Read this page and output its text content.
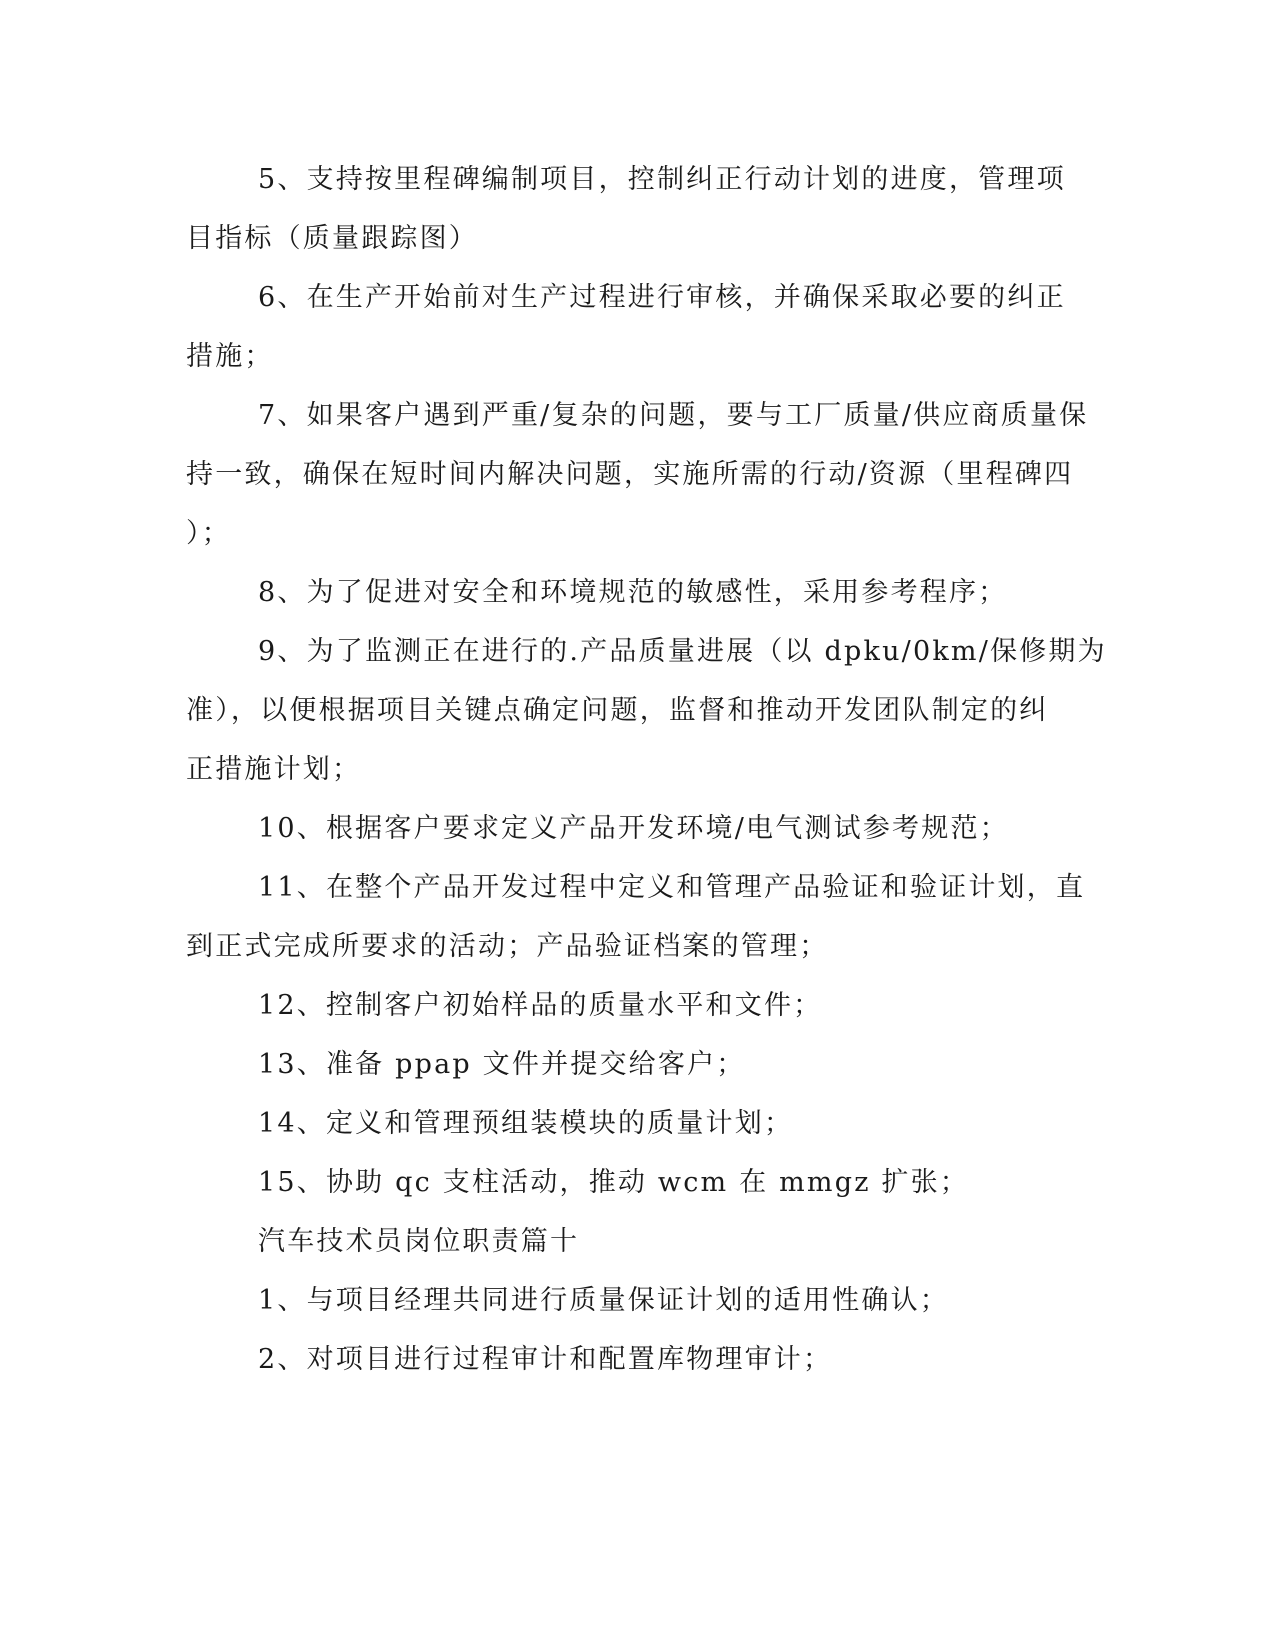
5、支持按里程碑编制项目，控制纠正行动计划的进度，管理项
目指标（质量跟踪图）
6、在生产开始前对生产过程进行审核，并确保采取必要的纠正
措施；
7、如果客户遇到严重/复杂的问题，要与工厂质量/供应商质量保
持一致，确保在短时间内解决问题，实施所需的行动/资源（里程碑四
）；
8、为了促进对安全和环境规范的敏感性，采用参考程序；
9、为了监测正在进行的.产品质量进展（以 dpku/0km/保修期为
准），以便根据项目关键点确定问题，监督和推动开发团队制定的纠
正措施计划；
10、根据客户要求定义产品开发环境/电气测试参考规范；
11、在整个产品开发过程中定义和管理产品验证和验证计划，直
到正式完成所要求的活动；产品验证档案的管理；
12、控制客户初始样品的质量水平和文件；
13、准备 ppap 文件并提交给客户；
14、定义和管理预组装模块的质量计划；
15、协助 qc 支柱活动，推动 wcm 在 mmgz 扩张；
汽车技术员岗位职责篇十
1、与项目经理共同进行质量保证计划的适用性确认；
2、对项目进行过程审计和配置库物理审计；
